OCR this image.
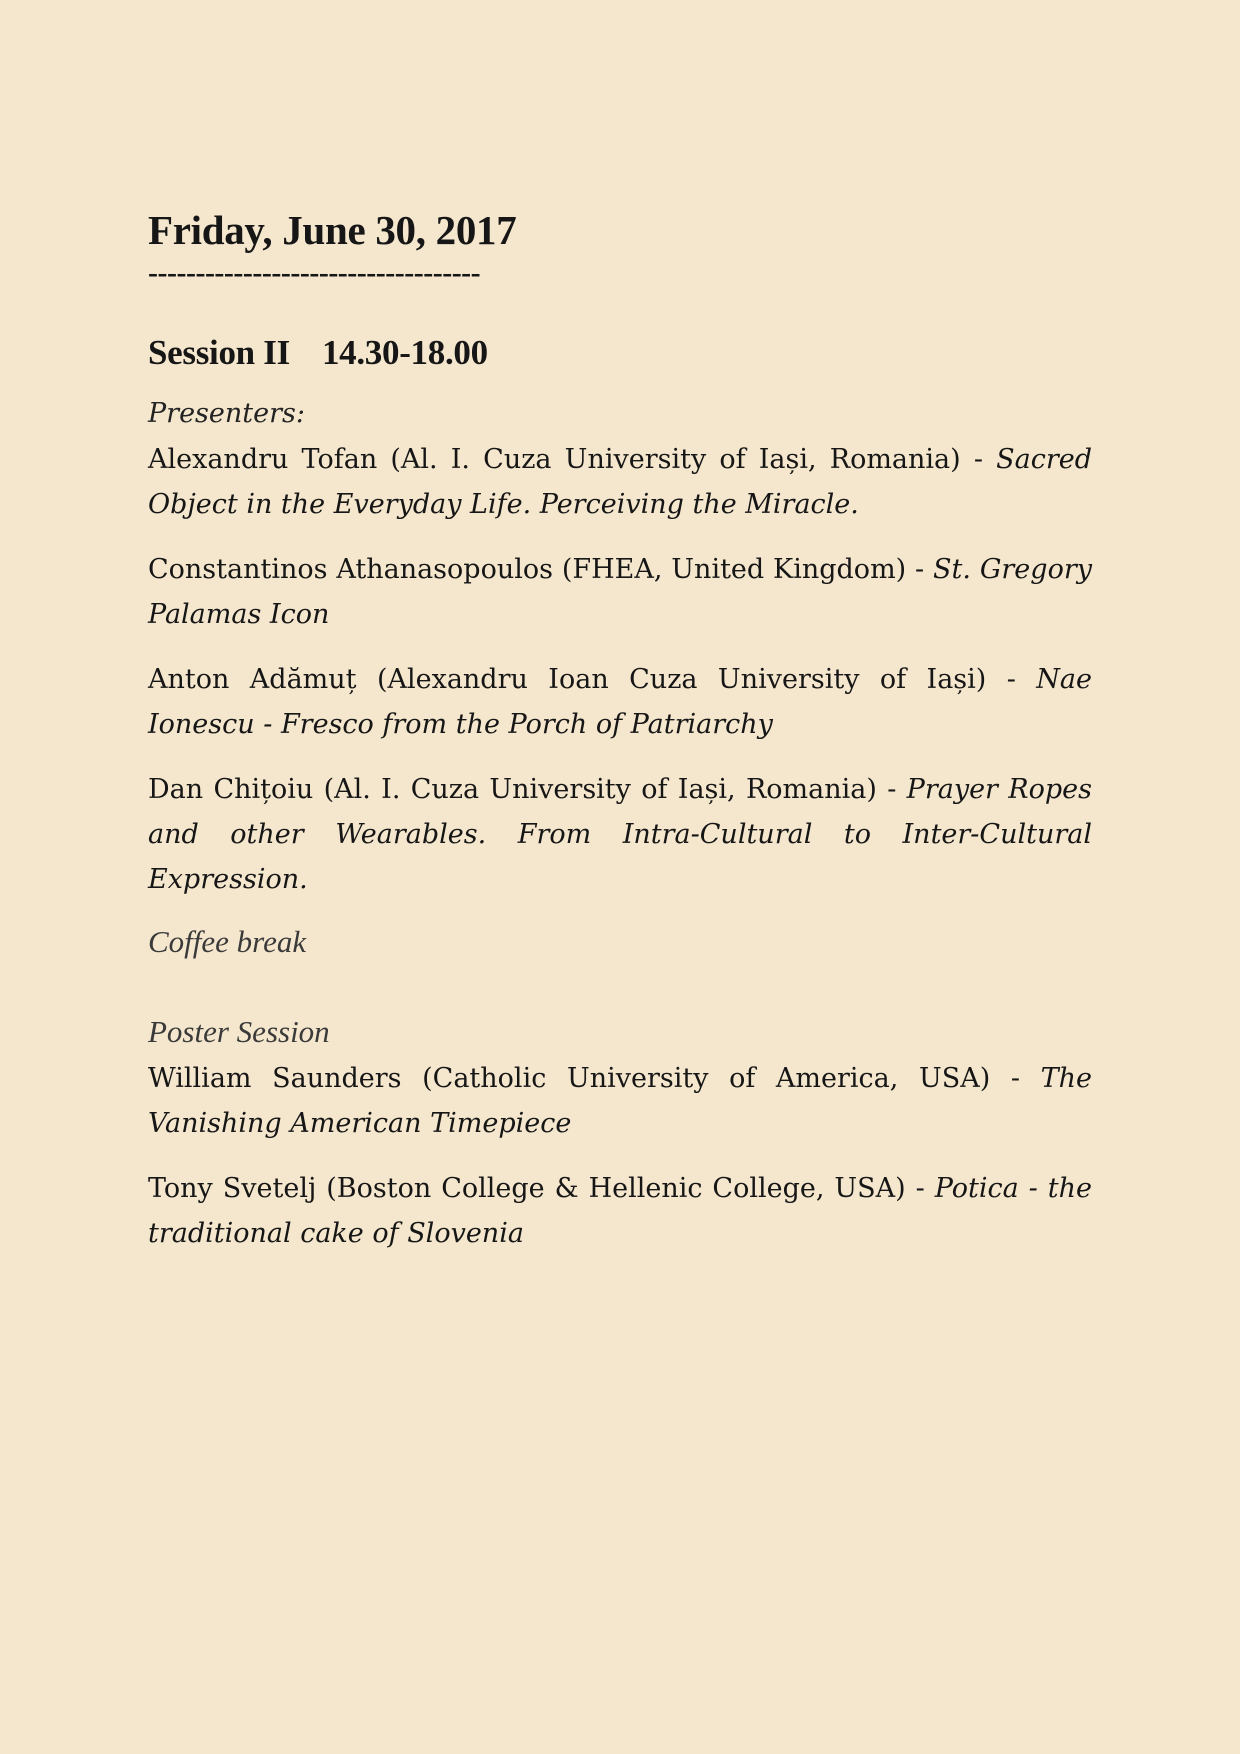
Friday, June 30, 2017
-----------------------------------
Session II 14.30-18.00

Presenters:

Alexandru Tofan (Al. I. Cuza University of Iași, Romania) - Sacred Object in the Everyday Life. Perceiving the Miracle.

Constantinos Athanasopoulos (FHEA, United Kingdom) - St. Gregory Palamas Icon

Anton Adămuț (Alexandru Ioan Cuza University of Iași) - Nae Ionescu - Fresco from the Porch of Patriarchy

Dan Chițoiu (Al. I. Cuza University of Iași, Romania) - Prayer Ropes and other Wearables. From Intra-Cultural to Inter-Cultural Expression.

Coffee break

Poster Session

William Saunders (Catholic University of America, USA) - The Vanishing American Timepiece

Tony Svetelj (Boston College & Hellenic College, USA) - Potica - the traditional cake of Slovenia
